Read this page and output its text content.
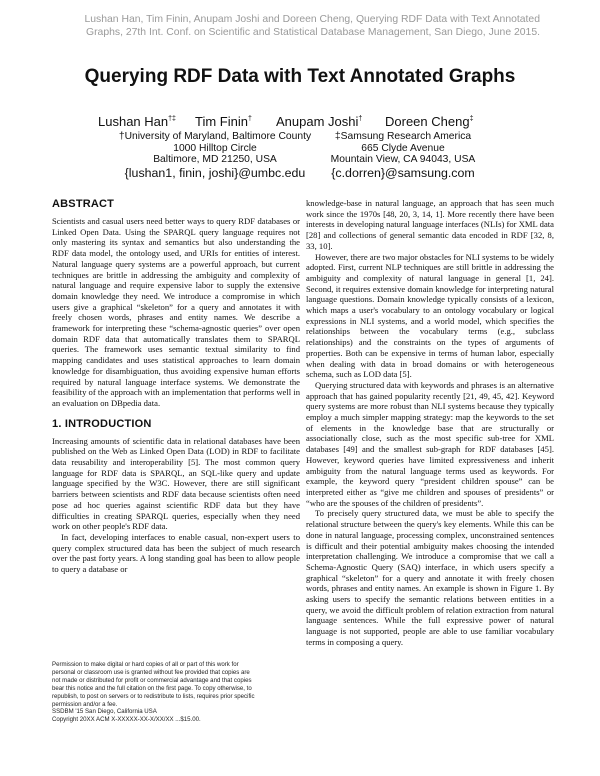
Lushan Han, Tim Finin, Anupam Joshi and Doreen Cheng, Querying RDF Data with Text Annotated
Graphs, 27th Int. Conf. on Scientific and Statistical Database Management, San Diego, June 2015.
Querying RDF Data with Text Annotated Graphs
Lushan Han†‡ Tim Finin† Anupam Joshi† Doreen Cheng‡
†University of Maryland, Baltimore County
1000 Hilltop Circle
Baltimore, MD 21250, USA
{lushan1, finin, joshi}@umbc.edu
‡Samsung Research America
665 Clyde Avenue
Mountain View, CA 94043, USA
{c.dorren}@samsung.com
ABSTRACT

Scientists and casual users need better ways to query RDF databases or Linked Open Data. Using the SPARQL query language requires not only mastering its syntax and semantics but also understanding the RDF data model, the ontology used, and URIs for entities of interest. Natural language query systems are a powerful approach, but current techniques are brittle in addressing the ambiguity and complexity of natural language and require expensive labor to supply the extensive domain knowledge they need. We introduce a compromise in which users give a graphical “skeleton” for a query and annotates it with freely chosen words, phrases and entity names. We describe a framework for interpreting these “schema-agnostic queries” over open domain RDF data that automatically translates them to SPARQL queries. The framework uses semantic textual similarity to find mapping candidates and uses statistical approaches to learn domain knowledge for disambiguation, thus avoiding expensive human efforts required by natural language interface systems. We demonstrate the feasibility of the approach with an implementation that performs well in an evaluation on DBpedia data.

1. INTRODUCTION

Increasing amounts of scientific data in relational databases have been published on the Web as Linked Open Data (LOD) in RDF to facilitate data reusability and interoperability [5]. The most common query language for RDF data is SPARQL, an SQL-like query and update language specified by the W3C. However, there are still significant barriers between scientists and RDF data because scientists often need pose ad hoc queries against scientific RDF data but they have difficulties in creating SPARQL queries, especially when they need work on other people's RDF data.

In fact, developing interfaces to enable casual, non-expert users to query complex structured data has been the subject of much research over the past forty years. A long standing goal has been to allow people to query a database or

knowledge-base in natural language, an approach that has seen much work since the 1970s [48, 20, 3, 14, 1]. More recently there have been interests in developing natural language interfaces (NLIs) for XML data [28] and collections of general semantic data encoded in RDF [32, 8, 33, 10].

However, there are two major obstacles for NLI systems to be widely adopted. First, current NLP techniques are still brittle in addressing the ambiguity and complexity of natural language in general [1, 24]. Second, it requires extensive domain knowledge for interpreting natural language questions. Domain knowledge typically consists of a lexicon, which maps a user's vocabulary to an ontology vocabulary or logical expressions in NLI systems, and a world model, which specifies the relationships between the vocabulary terms (e.g., subclass relationships) and the constraints on the types of arguments of properties. Both can be expensive in terms of human labor, especially when dealing with data in broad domains or with heterogeneous schema, such as LOD data [5].

Querying structured data with keywords and phrases is an alternative approach that has gained popularity recently [21, 49, 45, 42]. Keyword query systems are more robust than NLI systems because they typically employ a much simpler mapping strategy: map the keywords to the set of elements in the knowledge base that are structurally or associationally close, such as the most specific sub-tree for XML databases [49] and the smallest sub-graph for RDF databases [45]. However, keyword queries have limited expressiveness and inherit ambiguity from the natural language terms used as keywords. For example, the keyword query “president children spouse” can be interpreted either as “give me children and spouses of presidents” or “who are the spouses of the children of presidents”.

To precisely query structured data, we must be able to specify the relational structure between the query's key elements. While this can be done in natural language, processing complex, unconstrained sentences is difficult and their potential ambiguity makes choosing the intended interpretation challenging. We introduce a compromise that we call a Schema-Agnostic Query (SAQ) interface, in which users specify a graphical “skeleton” for a query and annotate it with freely chosen words, phrases and entity names. An example is shown in Figure 1. By asking users to specify the semantic relations between entities in a query, we avoid the difficult problem of relation extraction from natural language sentences. While the full expressive power of natural language is not supported, people are able to use familiar vocabulary terms in composing a query.

Permission to make digital or hard copies of all or part of this work for
personal or classroom use is granted without fee provided that copies are
not made or distributed for profit or commercial advantage and that copies
bear this notice and the full citation on the first page. To copy otherwise, to
republish, to post on servers or to redistribute to lists, requires prior specific
permission and/or a fee.
SSDBM '15 San Diego, California USA
Copyright 20XX ACM X-XXXXX-XX-X/XX/XX ...$15.00.
